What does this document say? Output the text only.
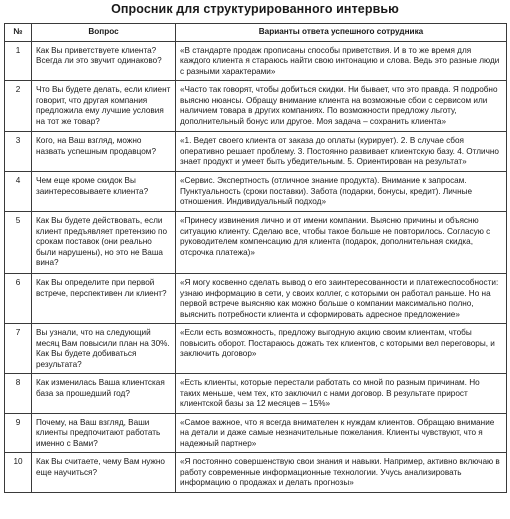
Опросник для структурированного интервью
№	Вопрос	Варианты ответа успешного сотрудника
1	Как Вы приветствуете клиента? Всегда ли это звучит одинаково?	«В стандарте продаж прописаны способы приветствия. И в то же время для каждого клиента я стараюсь найти свою интонацию и слова. Ведь это разные люди с разными характерами»
2	Что Вы будете делать, если клиент говорит, что другая компания предложила ему лучшие условия на тот же товар?	«Часто так говорят, чтобы добиться скидки. Ни бывает, что это правда. Я подробно выясню нюансы. Обращу внимание клиента на возможные сбои с сервисом или наличием товара в других компаниях. По возможности предложу льготу, дополнительный бонус или другое. Моя задача – сохранить клиента»
3	Кого, на Ваш взгляд, можно назвать успешным продавцом?	«1. Ведет своего клиента от заказа до оплаты (курирует). 2. В случае сбоя оперативно решает проблему. 3. Постоянно развивает клиентскую базу. 4. Отлично знает продукт и умеет быть убедительным. 5. Ориентирован на результат»
4	Чем еще кроме скидок Вы заинтересовываете клиента?	«Сервис. Экспертность (отличное знание продукта). Внимание к запросам. Пунктуальность (сроки поставки). Забота (подарки, бонусы, кредит). Личные отношения. Индивидуальный подход»
5	Как Вы будете действовать, если клиент предъявляет претензию по срокам поставок (они реально были нарушены), но это не Ваша вина?	«Принесу извинения лично и от имени компании. Выясню причины и объясню ситуацию клиенту. Сделаю все, чтобы такое больше не повторилось. Согласую с руководителем компенсацию для клиента (подарок, дополнительная скидка, отсрочка платежа)»
6	Как Вы определите при первой встрече, перспективен ли клиент?	«Я могу косвенно сделать вывод о его заинтересованности и платежеспособности: узнаю информацию в сети, у своих коллег, с которыми он работал раньше. Но на первой встрече выясняю как можно больше о компании максимально полно, выяснить потребности клиента и сформировать адресное предложение»
7	Вы узнали, что на следующий месяц Вам повысили план на 30%. Как Вы будете добиваться результата?	«Если есть возможность, предложу выгодную акцию своим клиентам, чтобы повысить оборот. Постараюсь дожать тех клиентов, с которыми вел переговоры, и заключить договор»
8	Как изменилась Ваша клиентская база за прошедший год?	«Есть клиенты, которые перестали работать со мной по разным причинам. Но таких меньше, чем тех, кто заключил с нами договор. В результате прирост клиентской базы за 12 месяцев – 15%»
9	Почему, на Ваш взгляд, Ваши клиенты предпочитают работать именно с Вами?	«Самое важное, что я всегда внимателен к нуждам клиентов. Обращаю внимание на детали и даже самые незначительные пожелания. Клиенты чувствуют, что я надежный партнер»
10	Как Вы считаете, чему Вам нужно еще научиться?	«Я постоянно совершенствую свои знания и навыки. Например, активно включаю в работу современные информационные технологии. Учусь анализировать информацию о продажах и делать прогнозы»
